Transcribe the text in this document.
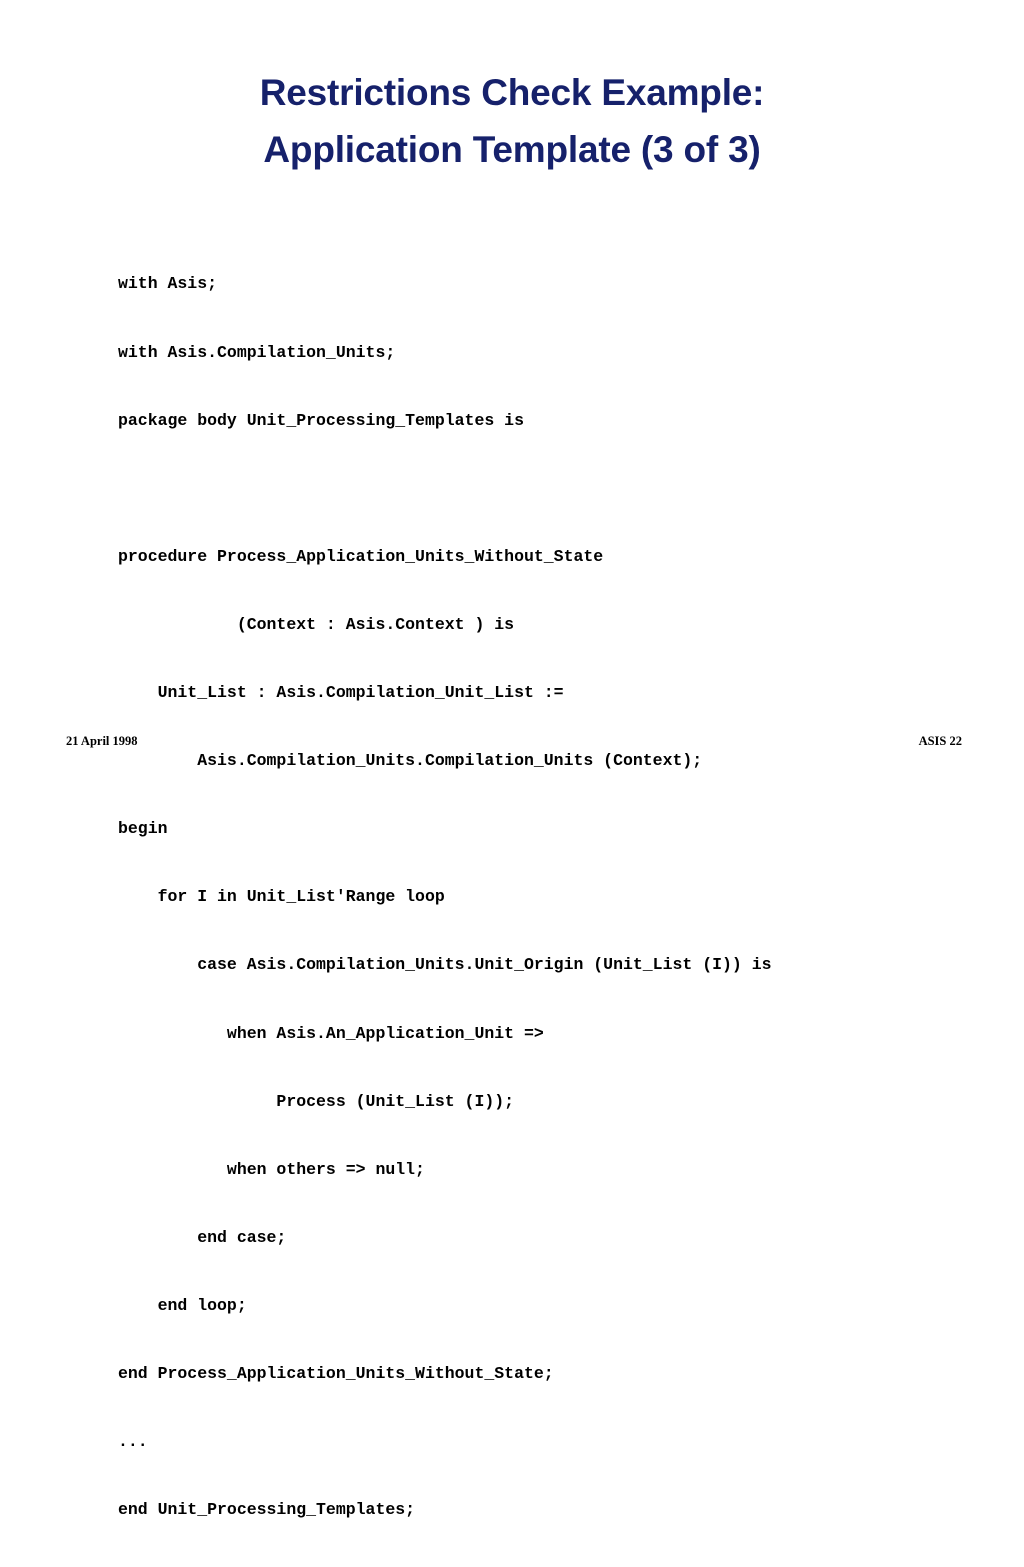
Restrictions Check Example:
Application Template (3 of 3)

with Asis;

with Asis.Compilation_Units;

package body Unit_Processing_Templates is

procedure Process_Application_Units_Without_State

(Context : Asis.Context ) is

Unit_List : Asis.Compilation_Unit_List :=

Asis.Compilation_Units.Compilation_Units (Context);

begin

for I in Unit_List'Range loop

case Asis.Compilation_Units.Unit_Origin (Unit_List (I)) is

when Asis.An_Application_Unit =>

Process (Unit_List (I));

when others => null;

end case;

end loop;

end Process_Application_Units_Without_State;

...

end Unit_Processing_Templates;

21 April 1998	ASIS 22
